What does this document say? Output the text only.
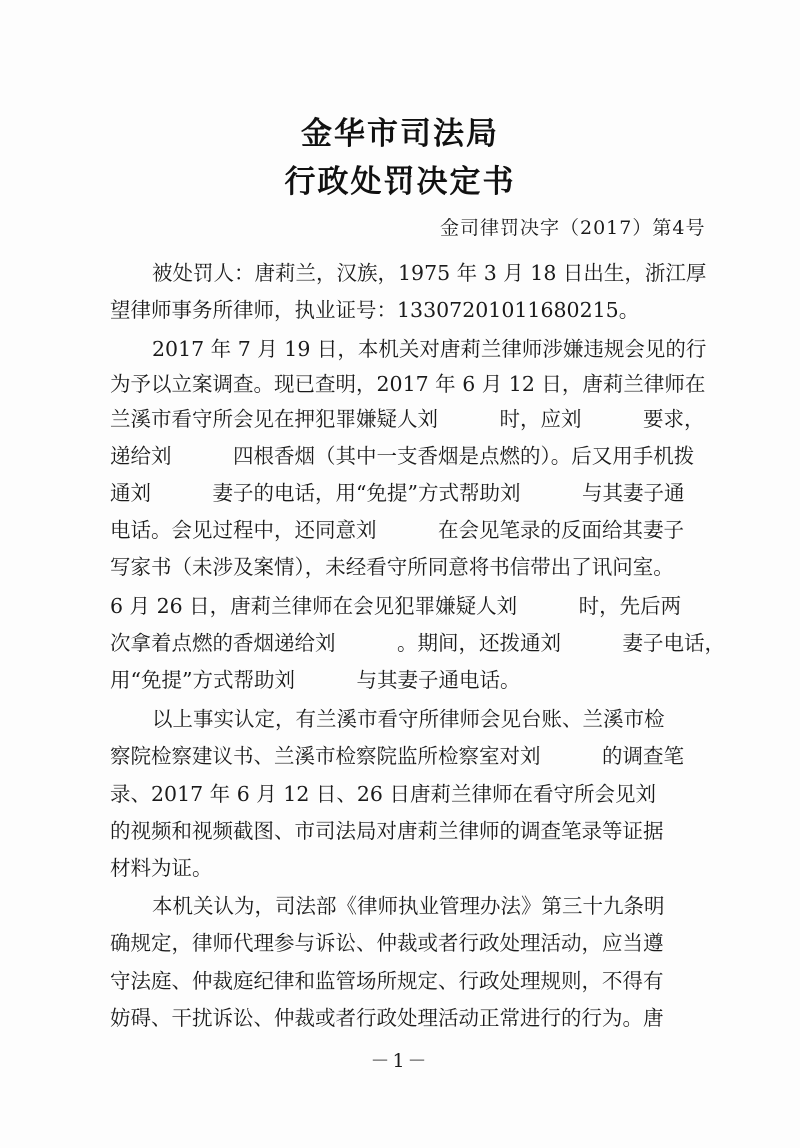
金华市司法局
行政处罚决定书
金司律罚决字（2017）第4号
被处罚人：唐莉兰，汉族，1975 年 3 月 18 日出生，浙江厚
望律师事务所律师，执业证号：13307201011680215。
2017 年 7 月 19 日，本机关对唐莉兰律师涉嫌违规会见的行
为予以立案调查。现已查明，2017 年 6 月 12 日，唐莉兰律师在
兰溪市看守所会见在押犯罪嫌疑人刘　　　时，应刘　　　要求，
递给刘　　　四根香烟（其中一支香烟是点燃的）。后又用手机拨
通刘　　　妻子的电话，用“免提”方式帮助刘　　　与其妻子通
电话。会见过程中，还同意刘　　　在会见笔录的反面给其妻子
写家书（未涉及案情），未经看守所同意将书信带出了讯问室。
6 月 26 日，唐莉兰律师在会见犯罪嫌疑人刘　　　时，先后两
次拿着点燃的香烟递给刘　　　。期间，还拨通刘　　　妻子电话，
用“免提”方式帮助刘　　　与其妻子通电话。
以上事实认定，有兰溪市看守所律师会见台账、兰溪市检
察院检察建议书、兰溪市检察院监所检察室对刘　　　的调查笔
录、2017 年 6 月 12 日、26 日唐莉兰律师在看守所会见刘
的视频和视频截图、市司法局对唐莉兰律师的调查笔录等证据
材料为证。
本机关认为，司法部《律师执业管理办法》第三十九条明
确规定，律师代理参与诉讼、仲裁或者行政处理活动，应当遵
守法庭、仲裁庭纪律和监管场所规定、行政处理规则，不得有
妨碍、干扰诉讼、仲裁或者行政处理活动正常进行的行为。唐
－1－
